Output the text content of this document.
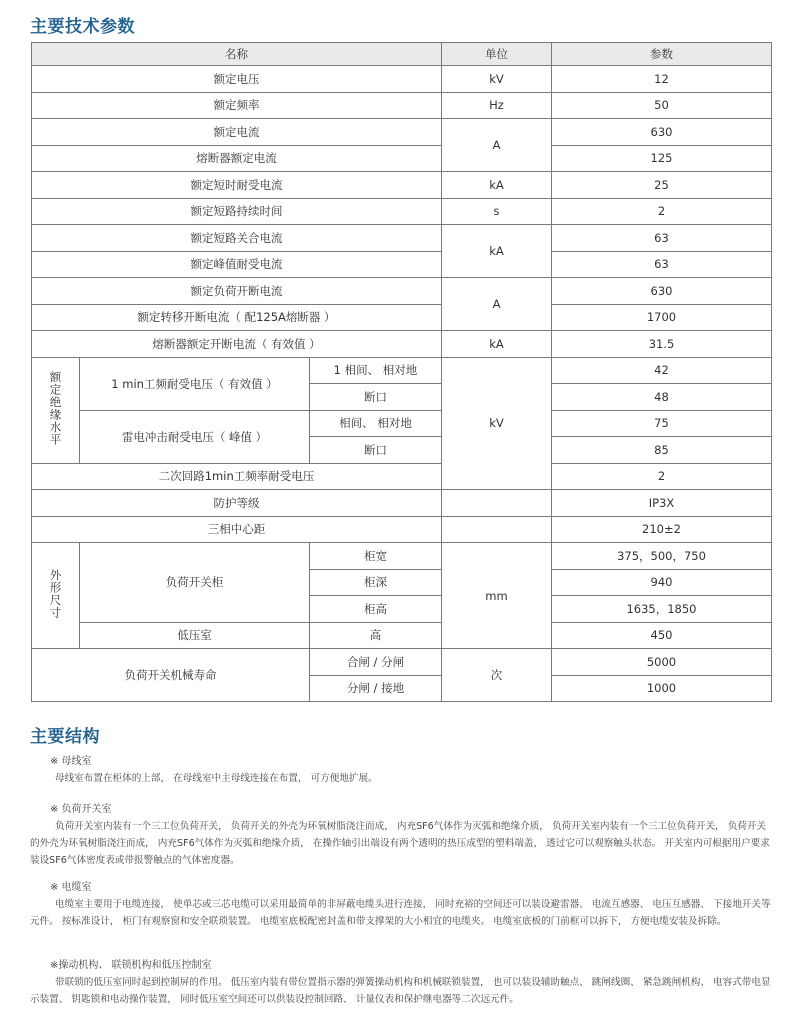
主要技术参数
名称			单位	参数
额定电压			kV	12
额定频率			Hz	50
额定电流			A	630
熔断器额定电流				125
额定短时耐受电流			kA	25
额定短路持续时间			s	2
额定短路关合电流			kA	63
额定峰值耐受电流				63
额定负荷开断电流			A	630
额定转移开断电流（ 配125A熔断器 ）				1700
熔断器额定开断电流（ 有效值 ）			kA	31.5
额定绝缘水平	1 min工频耐受电压（ 有效值 ）	1 相间、 相对地	kV	42
		断口		48
	雷电冲击耐受电压（ 峰值 ）	相间、 相对地		75
		断口		85
二次回路1min工频率耐受电压				2
防护等级				IP3X
三相中心距				210±2
外形尺寸	负荷开关柜	柜宽	mm	375，500，750
		柜深		940
		柜高		1635，1850
	低压室	高		450
负荷开关机械寿命		合闸 / 分闸	次	5000
		分闸 / 接地		1000
主要结构
※ 母线室
母线室布置在柜体的上部， 在母线室中主母线连接在布置， 可方便地扩展。
※ 负荷开关室
负荷开关室内装有一个三工位负荷开关， 负荷开关的外壳为环氧树脂浇注而成， 内充SF6气体作为灭弧和绝缘介质， 负荷开关室内装有一个三工位负荷开关， 负荷开关的外壳为环氧树脂浇注而成， 内充SF6气体作为灭弧和绝缘介质， 在操作轴引出端设有两个透明的热压成型的塑料端盖， 透过它可以观察触头状态。 开关室内可根据用户要求装设SF6气体密度表或带报警触点的气体密度器。
※ 电缆室
电缆室主要用于电缆连接， 使单芯或三芯电缆可以采用最简单的非屏蔽电缆头进行连接， 同时充裕的空间还可以装设避雷器、 电流互感器、 电压互感器、 下接地开关等元件。 按标准设计， 柜门有观察窗和安全联琐装置。 电缆室底板配密封盖和带支撑架的大小相宜的电缆夹。 电缆室底板的门前框可以拆下， 方便电缆安装及拆除。
※操动机构、 联锁机构和低压控制室
带联锁的低压室同时起到控制屏的作用。 低压室内装有带位置指示器的弹簧操动机构和机械联锁装置， 也可以装设辅助触点、 跳闸线圈、 紧急跳闸机构、 电容式带电显示装置、 钥匙锁和电动操作装置， 同时低压室空间还可以供装设控制回路、 计量仪表和保护继电器等二次远元件。
